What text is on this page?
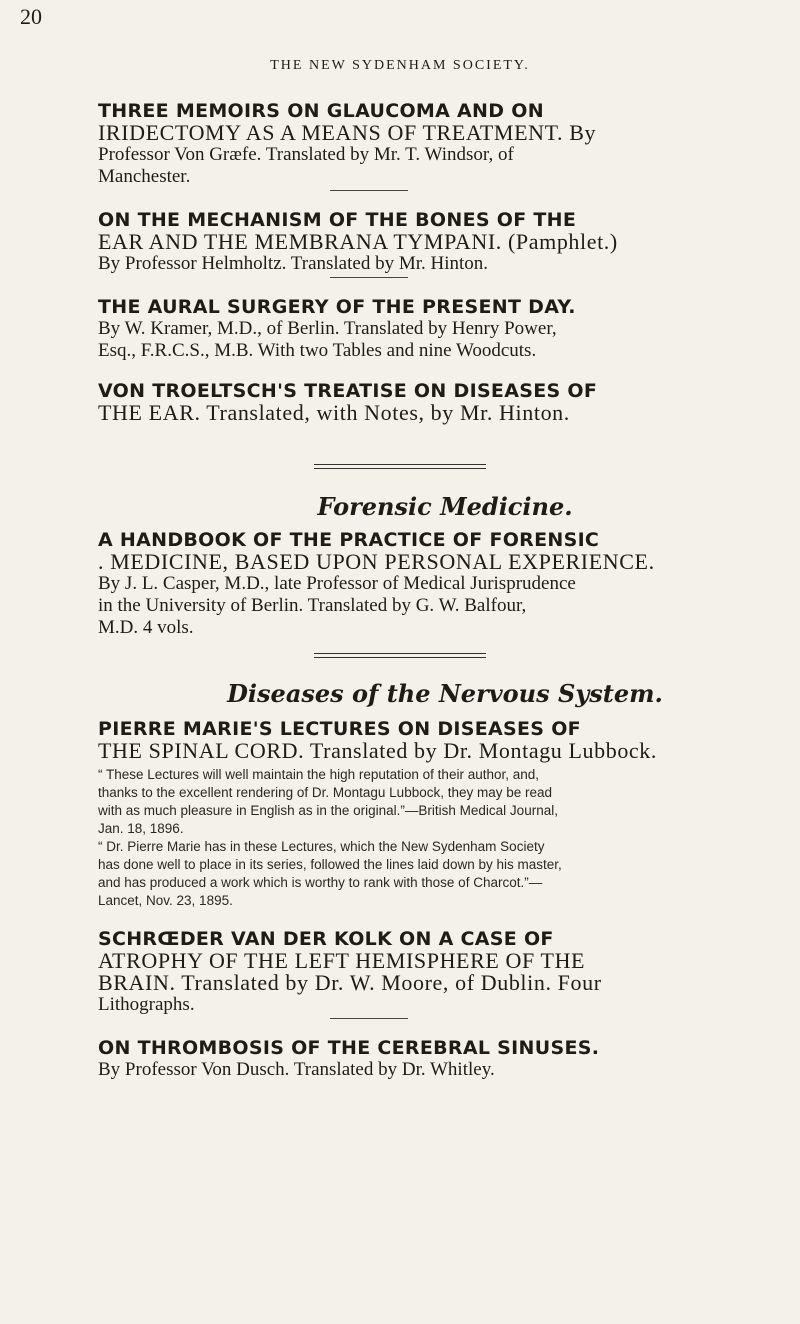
20
THE NEW SYDENHAM SOCIETY.

THREE MEMOIRS ON GLAUCOMA AND ON

IRIDECTOMY AS A MEANS OF TREATMENT. By

Professor Von Græfe. Translated by Mr. T. Windsor, of

Manchester.

ON THE MECHANISM OF THE BONES OF THE

EAR AND THE MEMBRANA TYMPANI. (Pamphlet.)

By Professor Helmholtz. Translated by Mr. Hinton.

THE AURAL SURGERY OF THE PRESENT DAY.

By W. Kramer, M.D., of Berlin. Translated by Henry Power,

Esq., F.R.C.S., M.B. With two Tables and nine Woodcuts.

VON TROELTSCH'S TREATISE ON DISEASES OF

THE EAR. Translated, with Notes, by Mr. Hinton.

Forensic Medicine.

A HANDBOOK OF THE PRACTICE OF FORENSIC

. MEDICINE, BASED UPON PERSONAL EXPERIENCE.

By J. L. Casper, M.D., late Professor of Medical Jurisprudence

in the University of Berlin. Translated by G. W. Balfour,

M.D. 4 vols.

Diseases of the Nervous System.

PIERRE MARIE'S LECTURES ON DISEASES OF

THE SPINAL CORD. Translated by Dr. Montagu Lubbock.

“ These Lectures will well maintain the high reputation of their author, and,

thanks to the excellent rendering of Dr. Montagu Lubbock, they may be read

with as much pleasure in English as in the original.”—British Medical Journal,

Jan. 18, 1896.

“ Dr. Pierre Marie has in these Lectures, which the New Sydenham Society

has done well to place in its series, followed the lines laid down by his master,

and has produced a work which is worthy to rank with those of Charcot.”—

Lancet, Nov. 23, 1895.

SCHRŒDER VAN DER KOLK ON A CASE OF

ATROPHY OF THE LEFT HEMISPHERE OF THE

BRAIN. Translated by Dr. W. Moore, of Dublin. Four

Lithographs.

ON THROMBOSIS OF THE CEREBRAL SINUSES.

By Professor Von Dusch. Translated by Dr. Whitley.
